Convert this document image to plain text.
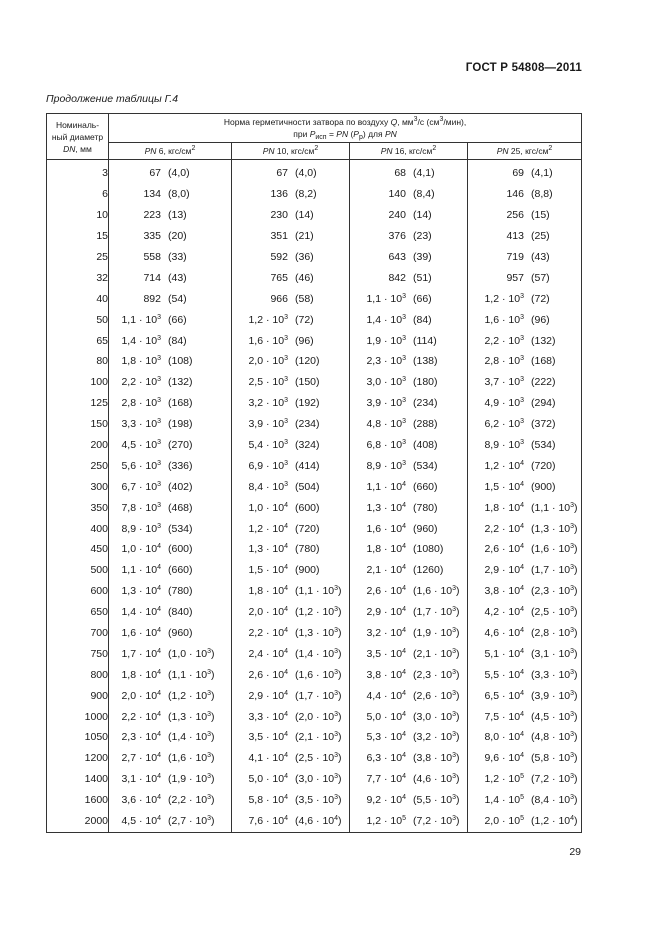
ГОСТ Р 54808—2011
Продолжение таблицы Г.4
Номиналь-
ный диаметр
DN, мм	Норма герметичности затвора по воздуху Q, $мм^3/с$ $(см^3/мин)$,
при $P_{исп}$ = PN $(P_р)$ для PN			
	PN 6, кгс/$см^2$	PN 10, кгс/$см^2$	PN 16, кгс/$см^2$	PN 25, кгс/$см^2$

3	67 (4,0)	67 (4,0)	68 (4,1)	69 (4,1)

6	134 (8,0)	136 (8,2)	140 (8,4)	146 (8,8)

10	223 (13)	230 (14)	240 (14)	256 (15)

15	335 (20)	351 (21)	376 (23)	413 (25)

25	558 (33)	592 (36)	643 (39)	719 (43)

32	714 (43)	765 (46)	842 (51)	957 (57)

40	892 (54)	966 (58)	$1,1 \cdot 10^3$ (66)	$1,2 \cdot 10^3$ (72)

50	$1,1 \cdot 10^3$ (66)	$1,2 \cdot 10^3$ (72)	$1,4 \cdot 10^3$ (84)	$1,6 \cdot 10^3$ (96)

65	$1,4 \cdot 10^3$ (84)	$1,6 \cdot 10^3$ (96)	$1,9 \cdot 10^3$ (114)	$2,2 \cdot 10^3$ (132)

80	$1,8 \cdot 10^3$ (108)	$2,0 \cdot 10^3$ (120)	$2,3 \cdot 10^3$ (138)	$2,8 \cdot 10^3$ (168)

100	$2,2 \cdot 10^3$ (132)	$2,5 \cdot 10^3$ (150)	$3,0 \cdot 10^3$ (180)	$3,7 \cdot 10^3$ (222)

125	$2,8 \cdot 10^3$ (168)	$3,2 \cdot 10^3$ (192)	$3,9 \cdot 10^3$ (234)	$4,9 \cdot 10^3$ (294)

150	$3,3 \cdot 10^3$ (198)	$3,9 \cdot 10^3$ (234)	$4,8 \cdot 10^3$ (288)	$6,2 \cdot 10^3$ (372)

200	$4,5 \cdot 10^3$ (270)	$5,4 \cdot 10^3$ (324)	$6,8 \cdot 10^3$ (408)	$8,9 \cdot 10^3$ (534)

250	$5,6 \cdot 10^3$ (336)	$6,9 \cdot 10^3$ (414)	$8,9 \cdot 10^3$ (534)	$1,2 \cdot 10^4$ (720)

300	$6,7 \cdot 10^3$ (402)	$8,4 \cdot 10^3$ (504)	$1,1 \cdot 10^4$ (660)	$1,5 \cdot 10^4$ (900)

350	$7,8 \cdot 10^3$ (468)	$1,0 \cdot 10^4$ (600)	$1,3 \cdot 10^4$ (780)	$1,8 \cdot 10^4$ $(1,1 \cdot 10^3)$

400	$8,9 \cdot 10^3$ (534)	$1,2 \cdot 10^4$ (720)	$1,6 \cdot 10^4$ (960)	$2,2 \cdot 10^4$ $(1,3 \cdot 10^3)$

450	$1,0 \cdot 10^4$ (600)	$1,3 \cdot 10^4$ (780)	$1,8 \cdot 10^4$ (1080)	$2,6 \cdot 10^4$ $(1,6 \cdot 10^3)$

500	$1,1 \cdot 10^4$ (660)	$1,5 \cdot 10^4$ (900)	$2,1 \cdot 10^4$ (1260)	$2,9 \cdot 10^4$ $(1,7 \cdot 10^3)$

600	$1,3 \cdot 10^4$ (780)	$1,8 \cdot 10^4$ $(1,1 \cdot 10^3)$	$2,6 \cdot 10^4$ $(1,6 \cdot 10^3)$	$3,8 \cdot 10^4$ $(2,3 \cdot 10^3)$

650	$1,4 \cdot 10^4$ (840)	$2,0 \cdot 10^4$ $(1,2 \cdot 10^3)$	$2,9 \cdot 10^4$ $(1,7 \cdot 10^3)$	$4,2 \cdot 10^4$ $(2,5 \cdot 10^3)$

700	$1,6 \cdot 10^4$ (960)	$2,2 \cdot 10^4$ $(1,3 \cdot 10^3)$	$3,2 \cdot 10^4$ $(1,9 \cdot 10^3)$	$4,6 \cdot 10^4$ $(2,8 \cdot 10^3)$

750	$1,7 \cdot 10^4$ $(1,0 \cdot 10^3)$	$2,4 \cdot 10^4$ $(1,4 \cdot 10^3)$	$3,5 \cdot 10^4$ $(2,1 \cdot 10^3)$	$5,1 \cdot 10^4$ $(3,1 \cdot 10^3)$

800	$1,8 \cdot 10^4$ $(1,1 \cdot 10^3)$	$2,6 \cdot 10^4$ $(1,6 \cdot 10^3)$	$3,8 \cdot 10^4$ $(2,3 \cdot 10^3)$	$5,5 \cdot 10^4$ $(3,3 \cdot 10^3)$

900	$2,0 \cdot 10^4$ $(1,2 \cdot 10^3)$	$2,9 \cdot 10^4$ $(1,7 \cdot 10^3)$	$4,4 \cdot 10^4$ $(2,6 \cdot 10^3)$	$6,5 \cdot 10^4$ $(3,9 \cdot 10^3)$

1000	$2,2 \cdot 10^4$ $(1,3 \cdot 10^3)$	$3,3 \cdot 10^4$ $(2,0 \cdot 10^3)$	$5,0 \cdot 10^4$ $(3,0 \cdot 10^3)$	$7,5 \cdot 10^4$ $(4,5 \cdot 10^3)$

1050	$2,3 \cdot 10^4$ $(1,4 \cdot 10^3)$	$3,5 \cdot 10^4$ $(2,1 \cdot 10^3)$	$5,3 \cdot 10^4$ $(3,2 \cdot 10^3)$	$8,0 \cdot 10^4$ $(4,8 \cdot 10^3)$

1200	$2,7 \cdot 10^4$ $(1,6 \cdot 10^3)$	$4,1 \cdot 10^4$ $(2,5 \cdot 10^3)$	$6,3 \cdot 10^4$ $(3,8 \cdot 10^3)$	$9,6 \cdot 10^4$ $(5,8 \cdot 10^3)$

1400	$3,1 \cdot 10^4$ $(1,9 \cdot 10^3)$	$5,0 \cdot 10^4$ $(3,0 \cdot 10^3)$	$7,7 \cdot 10^4$ $(4,6 \cdot 10^3)$	$1,2 \cdot 10^5$ $(7,2 \cdot 10^3)$

1600	$3,6 \cdot 10^4$ $(2,2 \cdot 10^3)$	$5,8 \cdot 10^4$ $(3,5 \cdot 10^3)$	$9,2 \cdot 10^4$ $(5,5 \cdot 10^3)$	$1,4 \cdot 10^5$ $(8,4 \cdot 10^3)$

2000	$4,5 \cdot 10^4$ $(2,7 \cdot 10^3)$	$7,6 \cdot 10^4$ $(4,6 \cdot 10^4)$	$1,2 \cdot 10^5$ $(7,2 \cdot 10^3)$	$2,0 \cdot 10^5$ $(1,2 \cdot 10^4)$
29
